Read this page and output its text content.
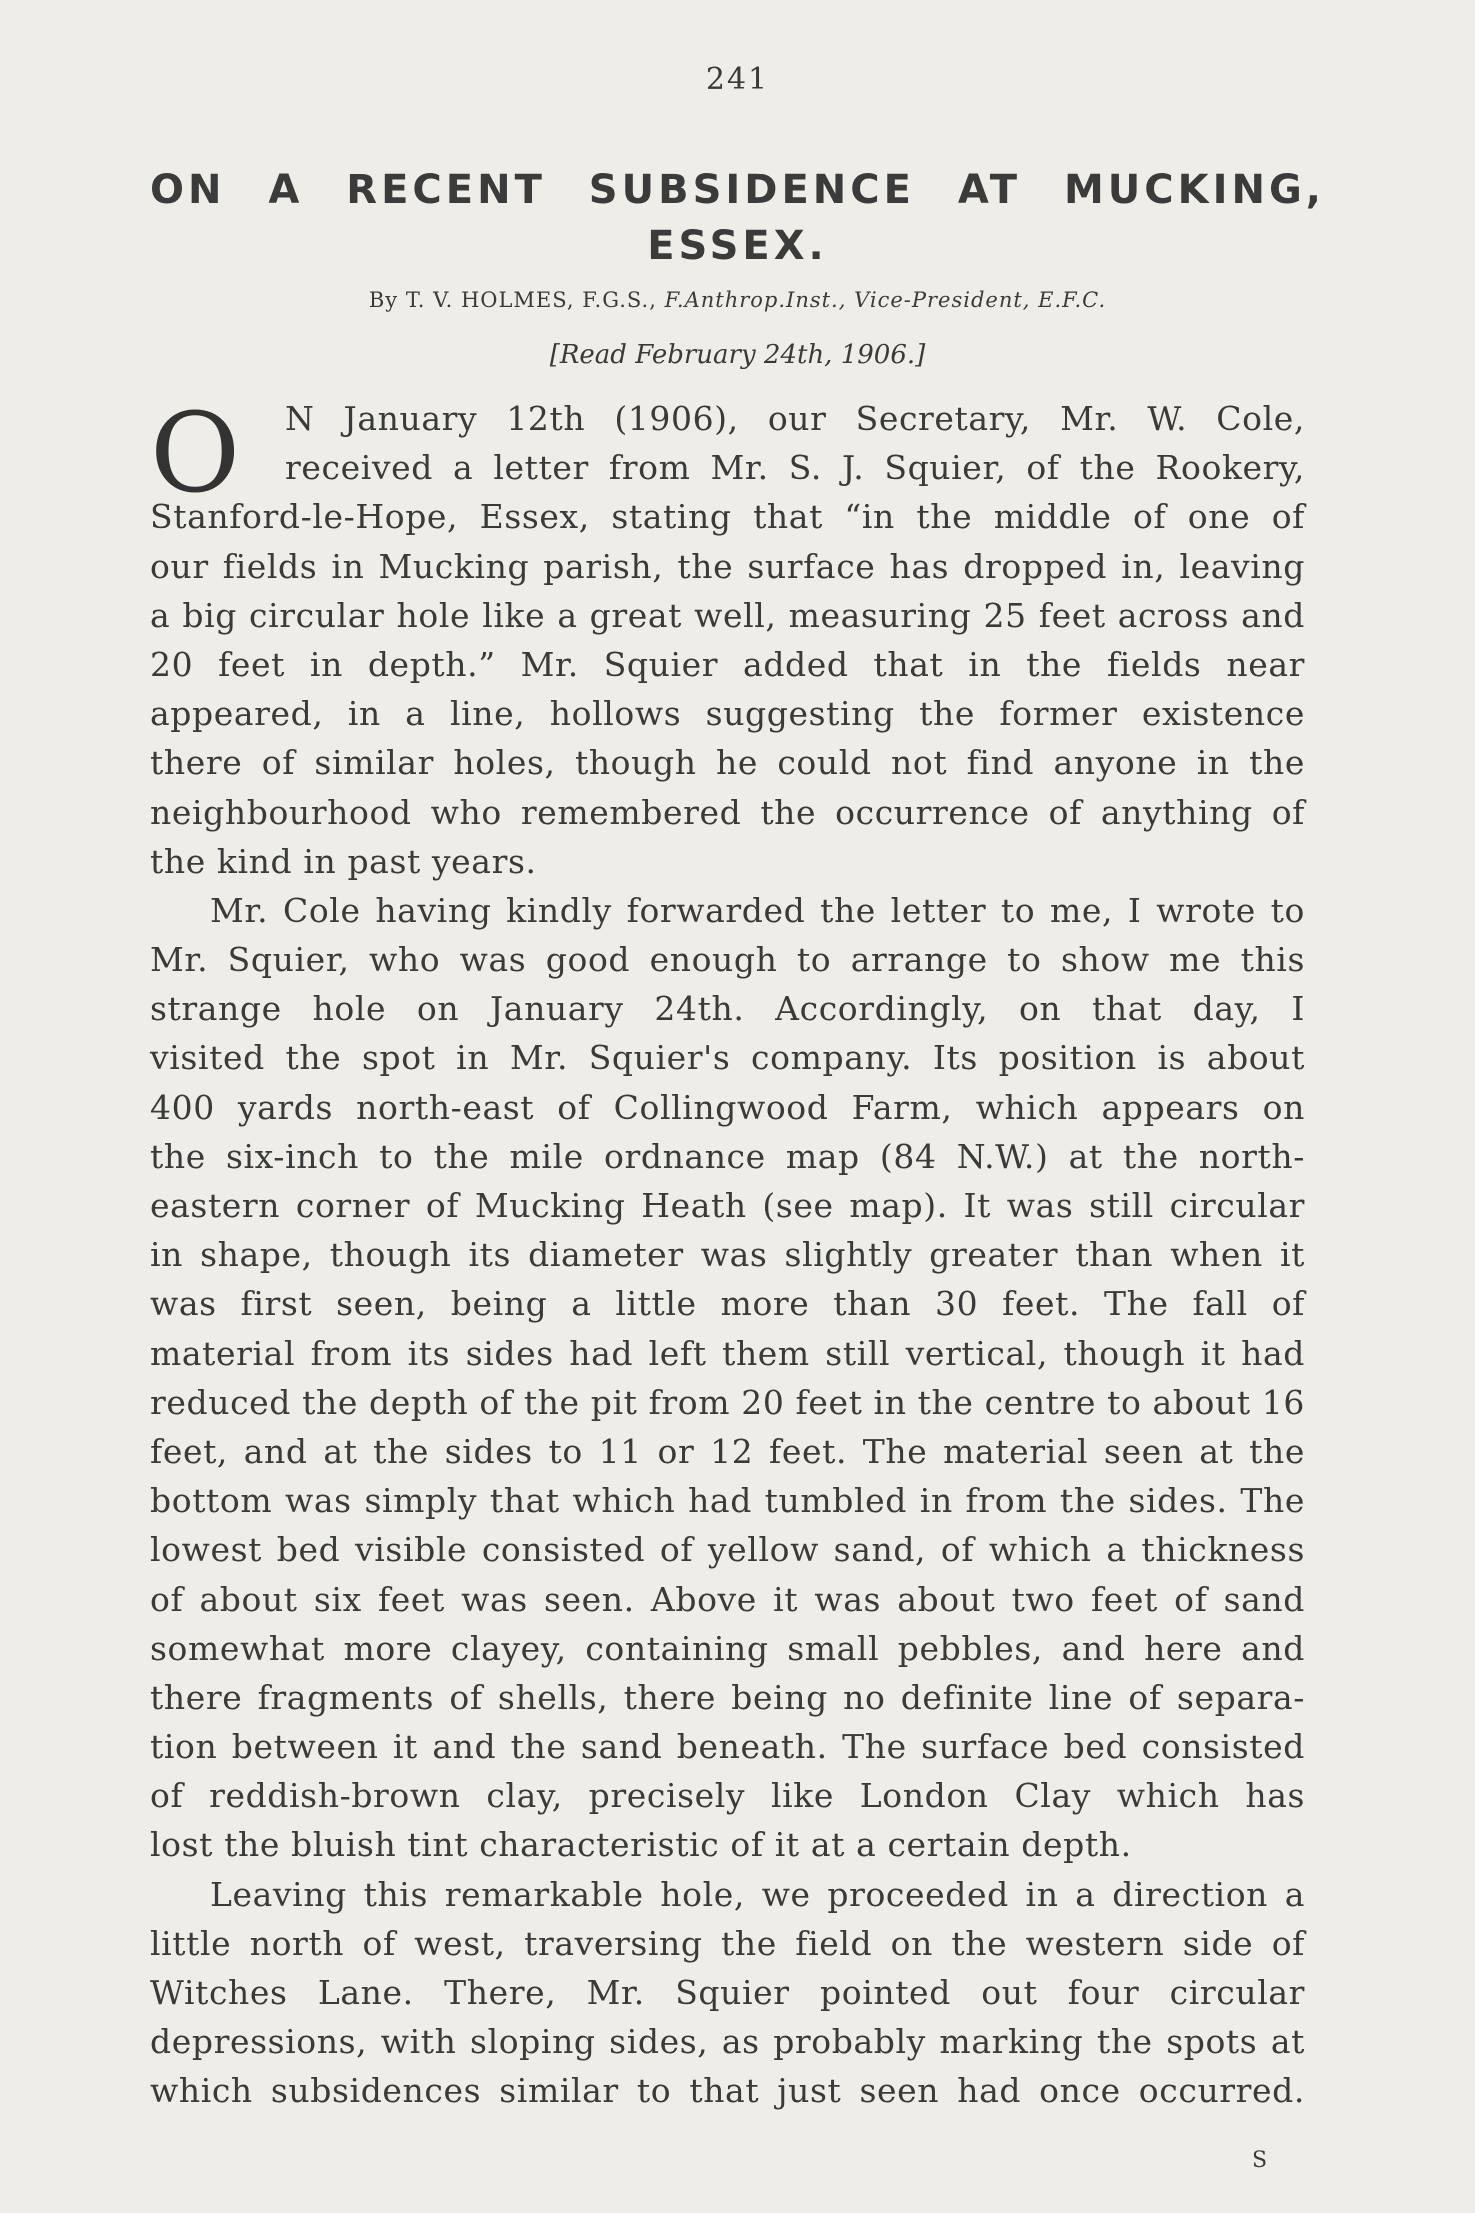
241
ON A RECENT SUBSIDENCE AT MUCKING,
ESSEX.
By T. V. HOLMES, F.G.S., F.Anthrop.Inst., Vice-President, E.F.C.
[Read February 24th, 1906.]
O	N January 12th (1906), our Secretary, Mr. W. Cole,
received a letter from Mr. S. J. Squier, of the Rookery,
Stanford-le-Hope, Essex, stating that “in the middle of one of
our fields in Mucking parish, the surface has dropped in, leaving
a big circular hole like a great well, measuring 25 feet across and
20 feet in depth.” Mr. Squier added that in the fields near
appeared, in a line, hollows suggesting the former existence
there of similar holes, though he could not find anyone in the
neighbourhood who remembered the occurrence of anything of
the kind in past years.
Mr. Cole having kindly forwarded the letter to me, I wrote to
Mr. Squier, who was good enough to arrange to show me this
strange hole on January 24th. Accordingly, on that day, I
visited the spot in Mr. Squier's company. Its position is about
400 yards north-east of Collingwood Farm, which appears on
the six-inch to the mile ordnance map (84 N.W.) at the north-
eastern corner of Mucking Heath (see map). It was still circular
in shape, though its diameter was slightly greater than when it
was first seen, being a little more than 30 feet. The fall of
material from its sides had left them still vertical, though it had
reduced the depth of the pit from 20 feet in the centre to about 16
feet, and at the sides to 11 or 12 feet. The material seen at the
bottom was simply that which had tumbled in from the sides. The
lowest bed visible consisted of yellow sand, of which a thickness
of about six feet was seen. Above it was about two feet of sand
somewhat more clayey, containing small pebbles, and here and
there fragments of shells, there being no definite line of separa-
tion between it and the sand beneath. The surface bed consisted
of reddish-brown clay, precisely like London Clay which has
lost the bluish tint characteristic of it at a certain depth.
Leaving this remarkable hole, we proceeded in a direction a
little north of west, traversing the field on the western side of
Witches Lane. There, Mr. Squier pointed out four circular
depressions, with sloping sides, as probably marking the spots at
which subsidences similar to that just seen had once occurred.
S
